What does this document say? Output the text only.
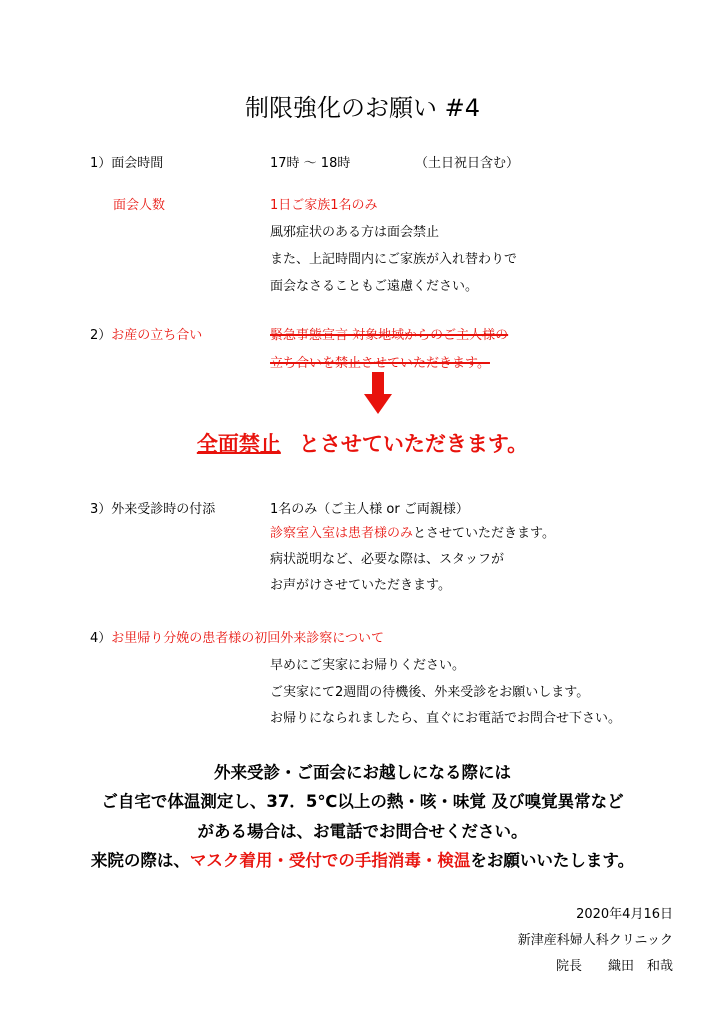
制限強化のお願い #4
1）面会時間	17時 〜 18時	（土日祝日含む）
面会人数	1日ご家族1名のみ
風邪症状のある方は面会禁止
また、上記時間内にご家族が入れ替わりで
面会なさることもご遠慮ください。
2）お産の立ち合い	緊急事態宣言 対象地域からのご主人様の
立ち合いを禁止させていただきます。
全面禁止 とさせていただきます。
3）外来受診時の付添	1名のみ（ご主人様 or ご両親様）
診察室入室は患者様のみとさせていただきます。
病状説明など、必要な際は、スタッフが
お声がけさせていただきます。
4）お里帰り分娩の患者様の初回外来診察について
早めにご実家にお帰りください。
ご実家にて2週間の待機後、外来受診をお願いします。
お帰りになられましたら、直ぐにお電話でお問合せ下さい。
外来受診・ご面会にお越しになる際には
ご自宅で体温測定し、37．5℃以上の熱・咳・味覚 及び嗅覚異常など
がある場合は、お電話でお問合せください。
来院の際は、マスク着用・受付での手指消毒・検温をお願いいたします。
2020年4月16日
新津産科婦人科クリニック
院長　　織田　和哉
